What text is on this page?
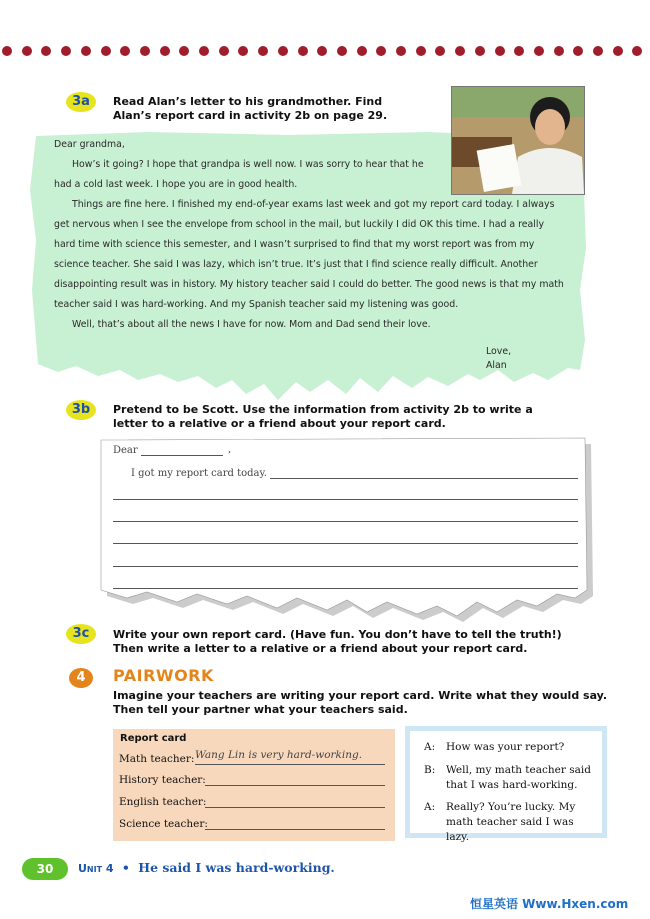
3a	Read Alan’s letter to his grandmother. Find Alan’s report card in activity 2b on page 29.

Dear grandma,

How’s it going? I hope that grandpa is well now. I was sorry to hear that he had a cold last week. I hope you are in good health.

Things are fine here. I finished my end-of-year exams last week and got my report card today. I always get nervous when I see the envelope from school in the mail, but luckily I did OK this time. I had a really hard time with science this semester, and I wasn’t surprised to find that my worst report was from my science teacher. She said I was lazy, which isn’t true. It’s just that I find science really difficult. Another disappointing result was in history. My history teacher said I could do better. The good news is that my math teacher said I was hard-working. And my Spanish teacher said my listening was good.

Well, that’s about all the news I have for now. Mom and Dad send their love.

Love,
Alan
3b	Pretend to be Scott. Use the information from activity 2b to write a letter to a relative or a friend about your report card.
Dear	,
I got my report card today.
3c	Write your own report card. (Have fun. You don’t have to tell the truth!) Then write a letter to a relative or a friend about your report card.
4	PAIRWORK
Imagine your teachers are writing your report card. Write what they would say. Then tell your partner what your teachers said.
Report card
Math teacher: Wang Lin is very hard-working.
History teacher:
English teacher:
Science teacher:
A: How was your report?
B: Well, my math teacher said that I was hard-working.
A: Really? You’re lucky. My math teacher said I was lazy.
30	Unit 4 • He said I was hard-working.
恒星英语 Www.Hxen.com
